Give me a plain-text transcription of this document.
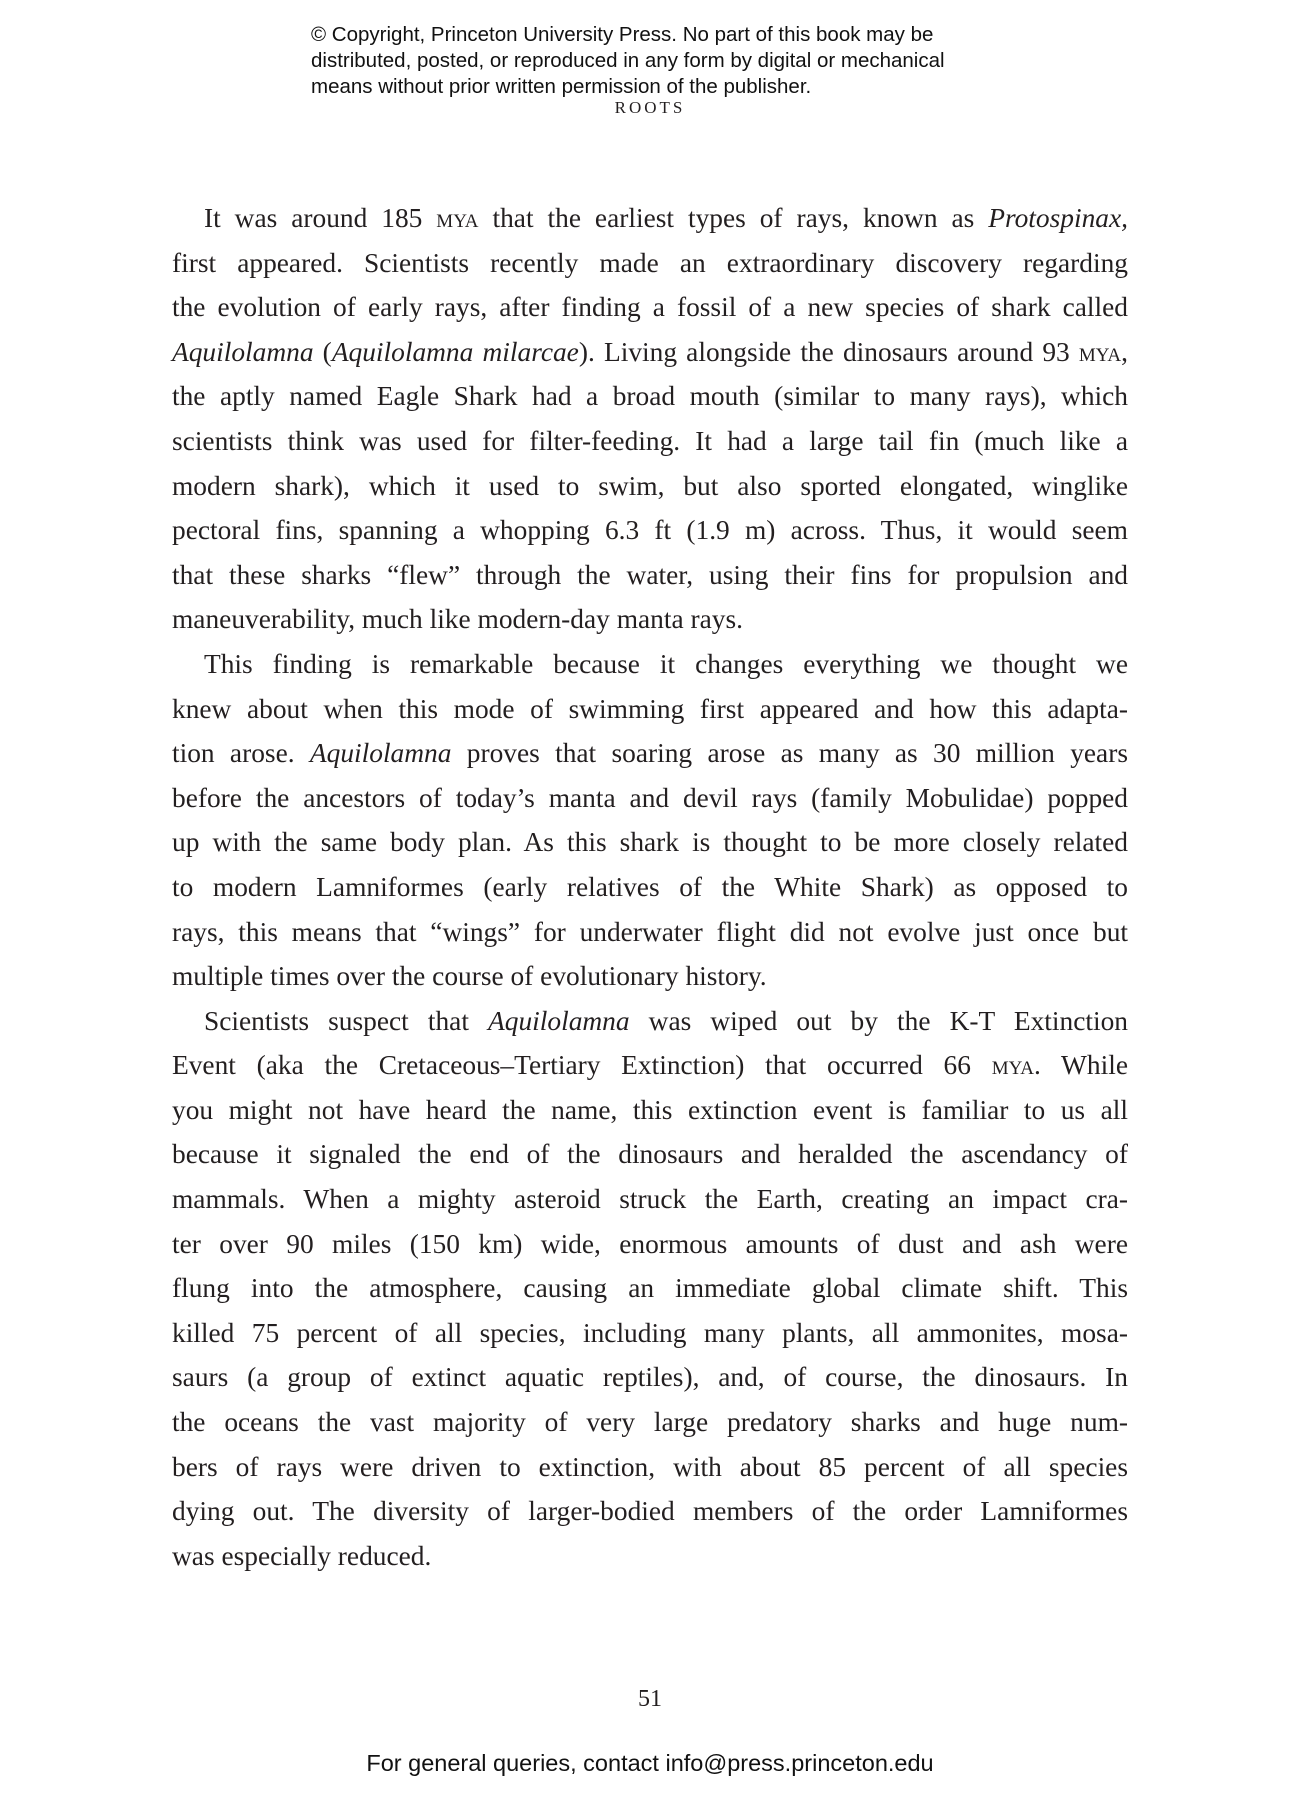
© Copyright, Princeton University Press. No part of this book may be
distributed, posted, or reproduced in any form by digital or mechanical
means without prior written permission of the publisher.
ROOTS

It was around 185 mya that the earliest types of rays, known as Protospinax,
first appeared. Scientists recently made an extraordinary discovery regarding
the evolution of early rays, after finding a fossil of a new species of shark called
Aquilolamna (Aquilolamna milarcae). Living alongside the dinosaurs around 93 mya,
the aptly named Eagle Shark had a broad mouth (similar to many rays), which
scientists think was used for filter-feeding. It had a large tail fin (much like a
modern shark), which it used to swim, but also sported elongated, winglike
pectoral fins, spanning a whopping 6.3 ft (1.9 m) across. Thus, it would seem
that these sharks “flew” through the water, using their fins for propulsion and
maneuverability, much like modern-day manta rays.

This finding is remarkable because it changes everything we thought we
knew about when this mode of swimming first appeared and how this adapta-
tion arose. Aquilolamna proves that soaring arose as many as 30 million years
before the ancestors of today’s manta and devil rays (family Mobulidae) popped
up with the same body plan. As this shark is thought to be more closely related
to modern Lamniformes (early relatives of the White Shark) as opposed to
rays, this means that “wings” for underwater flight did not evolve just once but
multiple times over the course of evolutionary history.

Scientists suspect that Aquilolamna was wiped out by the K-T Extinction
Event (aka the Cretaceous–Tertiary Extinction) that occurred 66 mya. While
you might not have heard the name, this extinction event is familiar to us all
because it signaled the end of the dinosaurs and heralded the ascendancy of
mammals. When a mighty asteroid struck the Earth, creating an impact cra-
ter over 90 miles (150 km) wide, enormous amounts of dust and ash were
flung into the atmosphere, causing an immediate global climate shift. This
killed 75 percent of all species, including many plants, all ammonites, mosa-
saurs (a group of extinct aquatic reptiles), and, of course, the dinosaurs. In
the oceans the vast majority of very large predatory sharks and huge num-
bers of rays were driven to extinction, with about 85 percent of all species
dying out. The diversity of larger-bodied members of the order Lamniformes
was especially reduced.

51
For general queries, contact info@press.princeton.edu
